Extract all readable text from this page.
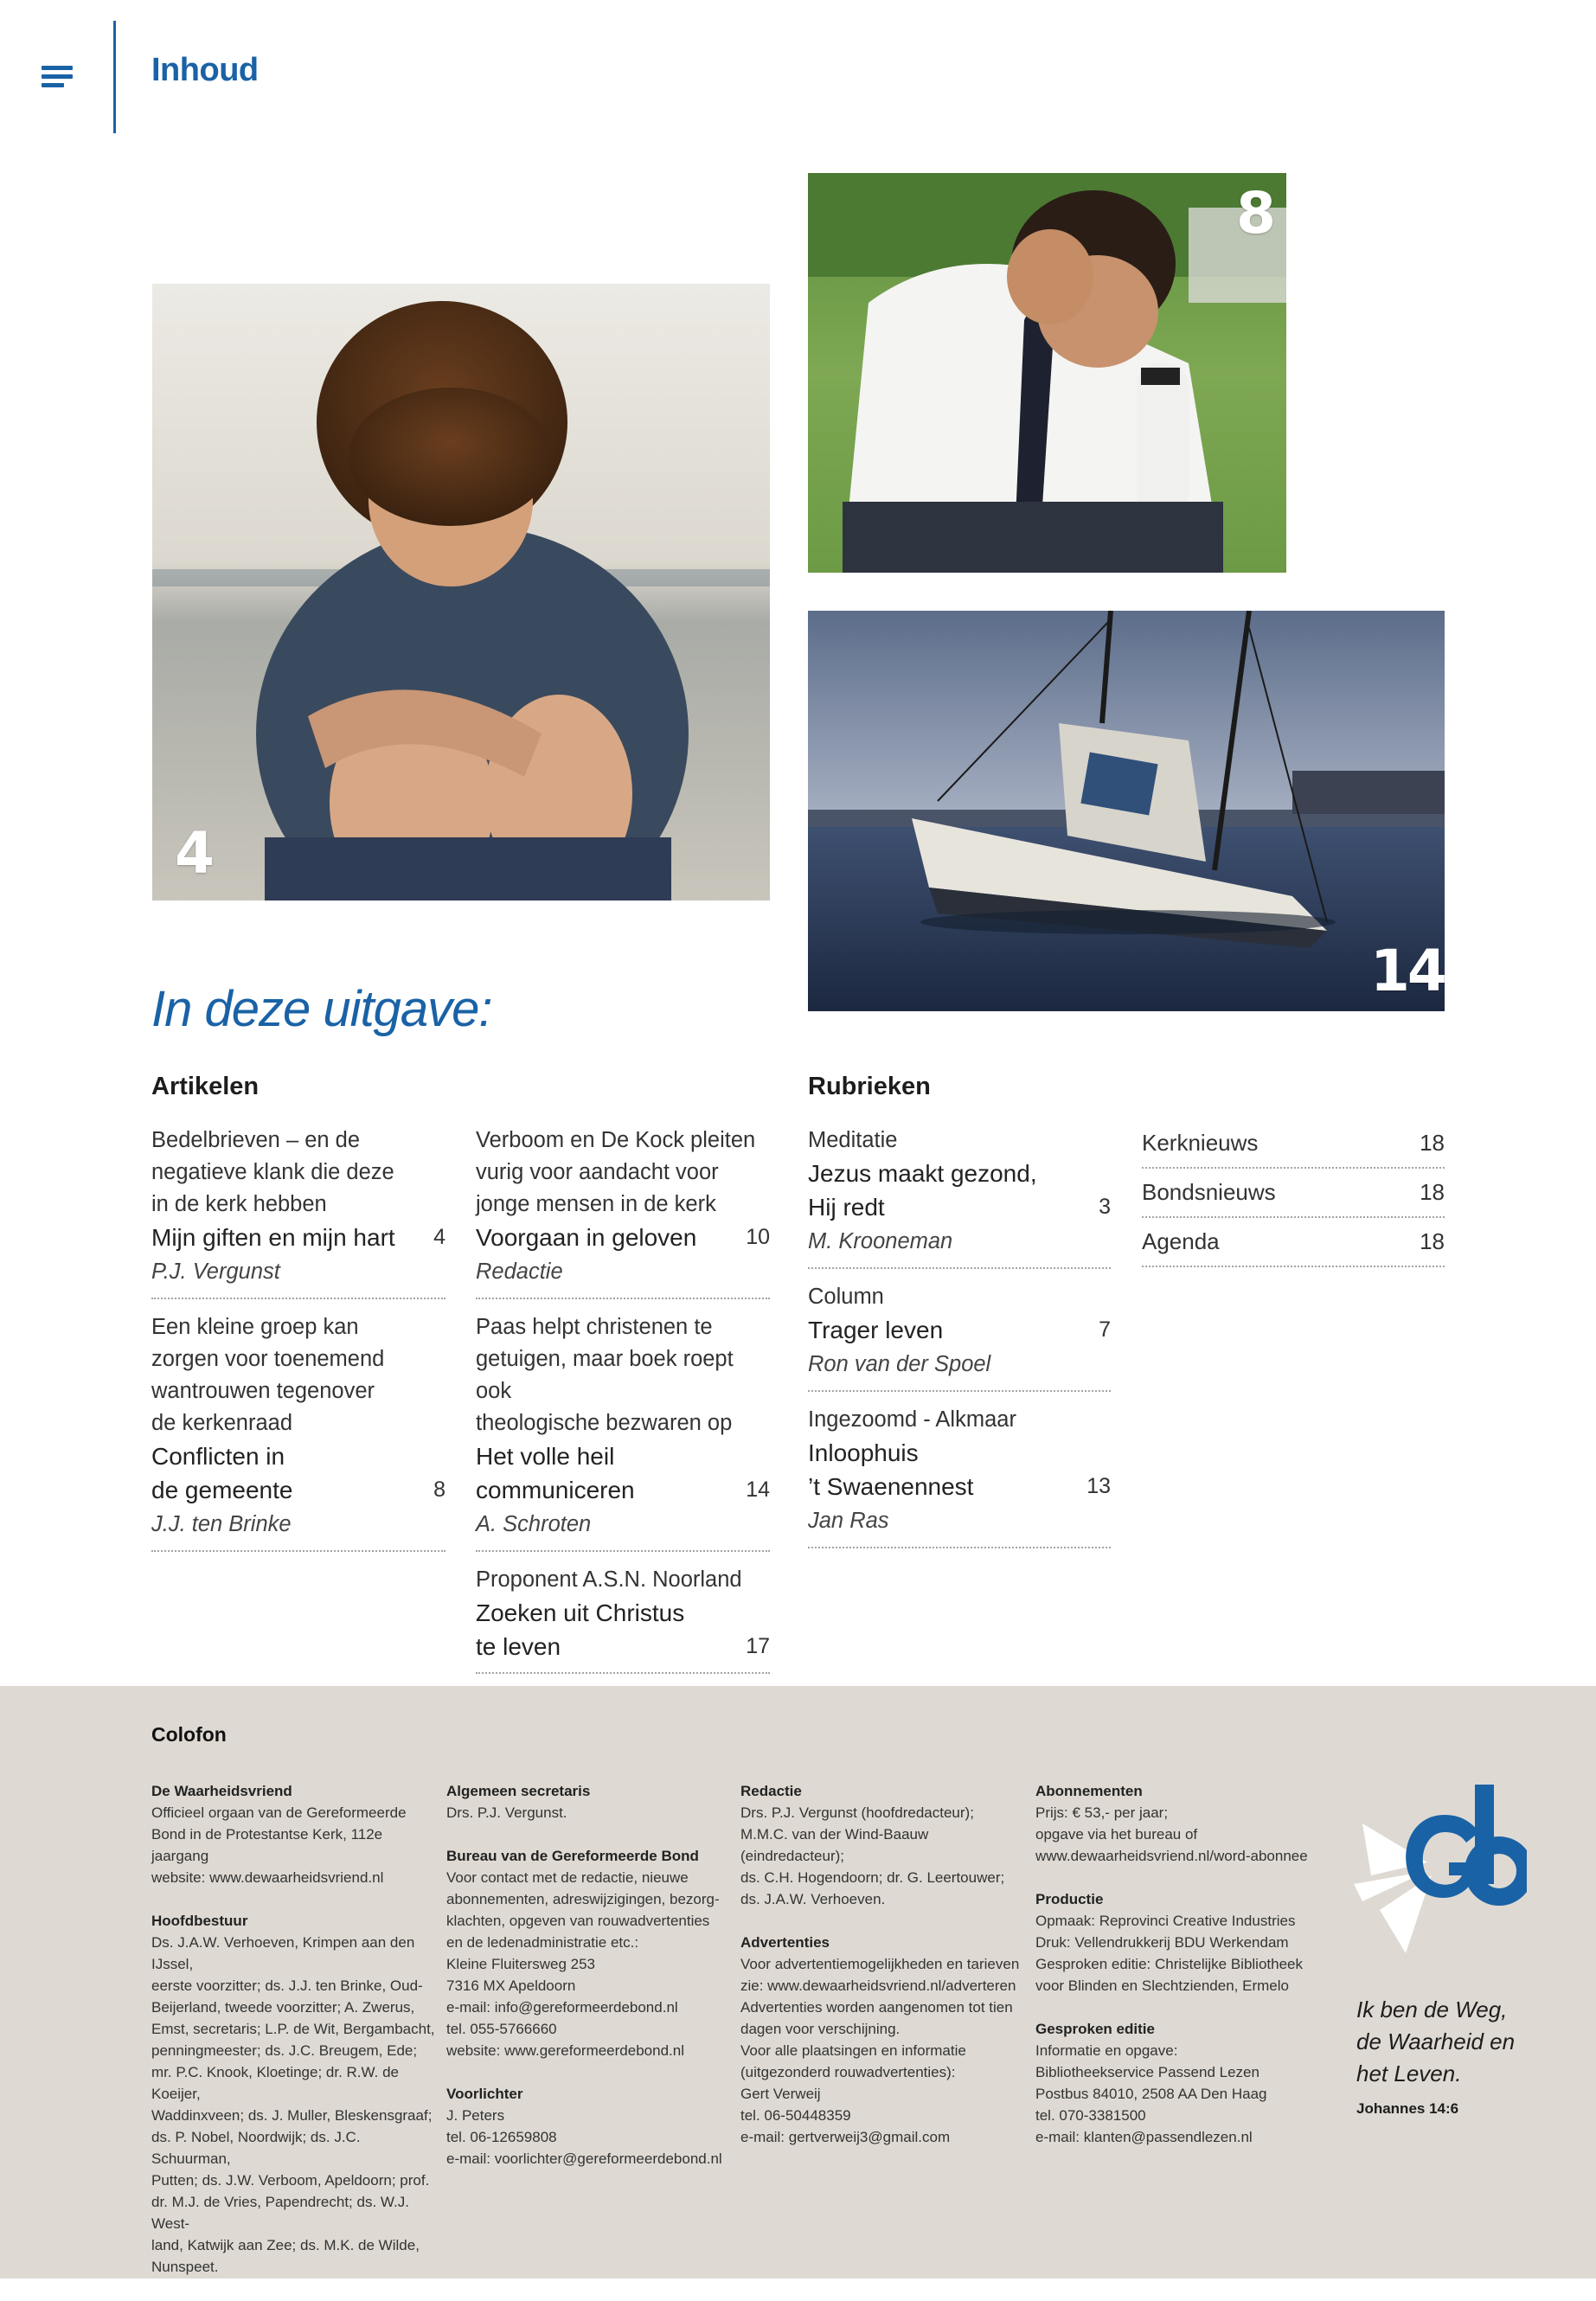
Inhoud
4
8
14
In deze uitgave:
Artikelen	Rubrieken
Bedelbrieven – en de
negatieve klank die deze
in de kerk hebben
Mijn giften en mijn hart 4
P.J. Vergunst
Een kleine groep kan
zorgen voor toenemend
wantrouwen tegenover
de kerkenraad
Conflicten in
de gemeente	8
J.J. ten Brinke
Verboom en De Kock pleiten
vurig voor aandacht voor
jonge mensen in de kerk
Voorgaan in geloven 10
Redactie
Paas helpt christenen te
getuigen, maar boek roept ook
theologische bezwaren op
Het volle heil
communiceren	14
A. Schroten
Proponent A.S.N. Noorland
Zoeken uit Christus
te leven	17
Meditatie
Jezus maakt gezond,
Hij redt	3
M. Krooneman
Column
Trager leven	7
Ron van der Spoel
Ingezoomd - Alkmaar
Inloophuis
’t Swaenennest	13
Jan Ras
Kerknieuws	18
Bondsnieuws	18
Agenda	18
Colofon
De Waarheidsvriend
Officieel orgaan van de Gereformeerde
Bond in de Protestantse Kerk, 112e jaargang
website: www.dewaarheidsvriend.nl
Hoofdbestuur
Ds. J.A.W. Verhoeven, Krimpen aan den IJssel,
eerste voorzitter; ds. J.J. ten Brinke, Oud-
Beijerland, tweede voorzitter; A. Zwerus,
Emst, secretaris; L.P. de Wit, Bergambacht,
penningmeester; ds. J.C. Breugem, Ede;
mr. P.C. Knook, Kloetinge; dr. R.W. de Koeijer,
Waddinxveen; ds. J. Muller, Bleskensgraaf;
ds. P. Nobel, Noordwijk; ds. J.C. Schuurman,
Putten; ds. J.W. Verboom, Apeldoorn; prof.
dr. M.J. de Vries, Papendrecht; ds. W.J. West-
land, Katwijk aan Zee; ds. M.K. de Wilde,
Nunspeet.
Algemeen secretaris
Drs. P.J. Vergunst.
Bureau van de Gereformeerde Bond
Voor contact met de redactie, nieuwe
abonnementen, adreswijzigingen, bezorg-
klachten, opgeven van rouwadvertenties
en de ledenadministratie etc.:
Kleine Fluitersweg 253
7316 MX Apeldoorn
e-mail: info@gereformeerdebond.nl
tel. 055-5766660
website: www.gereformeerdebond.nl
Voorlichter
J. Peters
tel. 06-12659808
e-mail: voorlichter@gereformeerdebond.nl
Redactie
Drs. P.J. Vergunst (hoofdredacteur);
M.M.C. van der Wind-Baauw (eindredacteur);
ds. C.H. Hogendoorn; dr. G. Leertouwer;
ds. J.A.W. Verhoeven.
Advertenties
Voor advertentiemogelijkheden en tarieven
zie: www.dewaarheidsvriend.nl/adverteren
Advertenties worden aangenomen tot tien
dagen voor verschijning.
Voor alle plaatsingen en informatie
(uitgezonderd rouwadvertenties):
Gert Verweij
tel. 06-50448359
e-mail: gertverweij3@gmail.com
Abonnementen
Prijs: € 53,- per jaar;
opgave via het bureau of
www.dewaarheidsvriend.nl/word-abonnee
Productie
Opmaak: Reprovinci Creative Industries
Druk: Vellendrukkerij BDU Werkendam
Gesproken editie: Christelijke Bibliotheek
voor Blinden en Slechtzienden, Ermelo
Gesproken editie
Informatie en opgave:
Bibliotheekservice Passend Lezen
Postbus 84010, 2508 AA Den Haag
tel. 070-3381500
e-mail: klanten@passendlezen.nl
Ik ben de Weg,
de Waarheid en
het Leven.
Johannes 14:6
